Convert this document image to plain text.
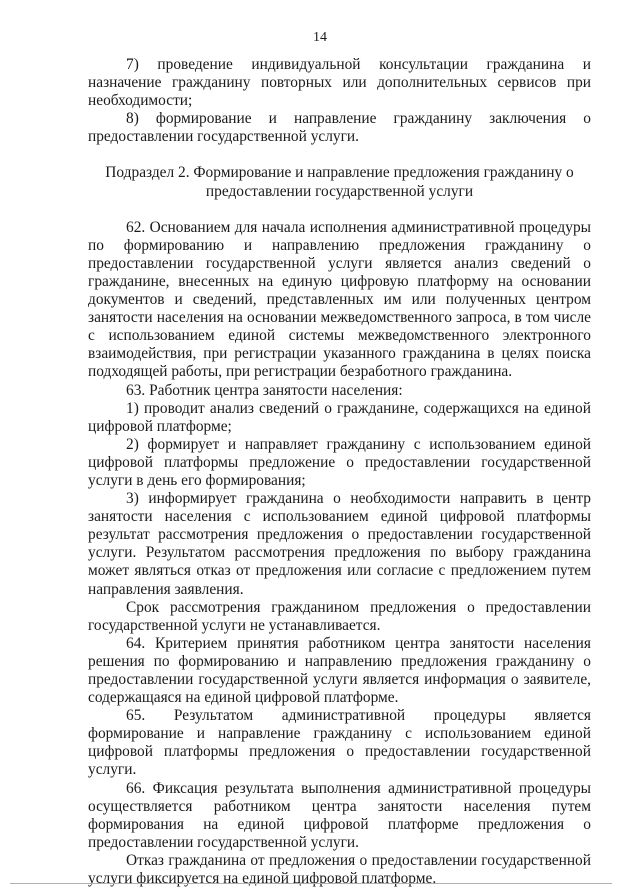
14

7) проведение индивидуальной консультации гражданина и назначение гражданину повторных или дополнительных сервисов при необходимости;

8) формирование и направление гражданину заключения о предоставлении государственной услуги.

Подраздел 2. Формирование и направление предложения гражданину о предоставлении государственной услуги

62. Основанием для начала исполнения административной процедуры по формированию и направлению предложения гражданину о предоставлении государственной услуги является анализ сведений о гражданине, внесенных на единую цифровую платформу на основании документов и сведений, представленных им или полученных центром занятости населения на основании межведомственного запроса, в том числе с использованием единой системы межведомственного электронного взаимодействия, при регистрации указанного гражданина в целях поиска подходящей работы, при регистрации безработного гражданина.

63. Работник центра занятости населения:

1) проводит анализ сведений о гражданине, содержащихся на единой цифровой платформе;

2) формирует и направляет гражданину с использованием единой цифровой платформы предложение о предоставлении государственной услуги в день его формирования;

3) информирует гражданина о необходимости направить в центр занятости населения с использованием единой цифровой платформы результат рассмотрения предложения о предоставлении государственной услуги. Результатом рассмотрения предложения по выбору гражданина может являться отказ от предложения или согласие с предложением путем направления заявления.

Срок рассмотрения гражданином предложения о предоставлении государственной услуги не устанавливается.

64. Критерием принятия работником центра занятости населения решения по формированию и направлению предложения гражданину о предоставлении государственной услуги является информация о заявителе, содержащаяся на единой цифровой платформе.

65. Результатом административной процедуры является формирование и направление гражданину с использованием единой цифровой платформы предложения о предоставлении государственной услуги.

66. Фиксация результата выполнения административной процедуры осуществляется работником центра занятости населения путем формирования на единой цифровой платформе предложения о предоставлении государственной услуги.

Отказ гражданина от предложения о предоставлении государственной услуги фиксируется на единой цифровой платформе.
